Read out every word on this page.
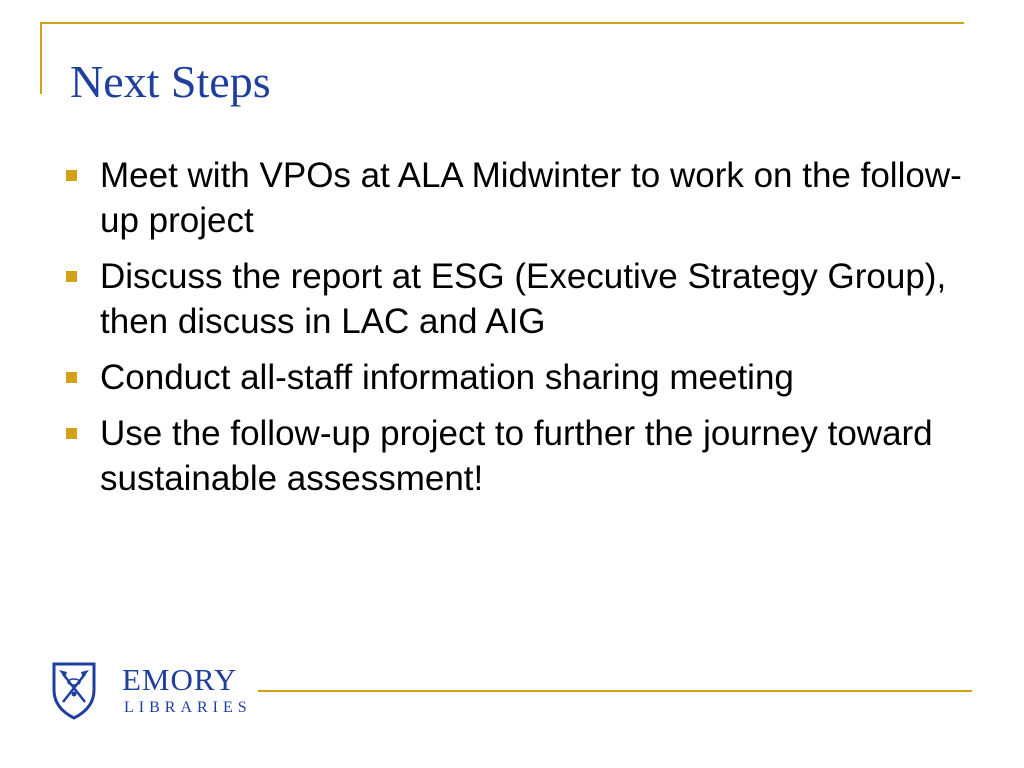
Next Steps
Meet with VPOs at ALA Midwinter to work on the follow-up project
Discuss the report at ESG (Executive Strategy Group), then discuss in LAC and AIG
Conduct all-staff information sharing meeting
Use the follow-up project to further the journey toward sustainable assessment!
EMORY
LIBRARIES
